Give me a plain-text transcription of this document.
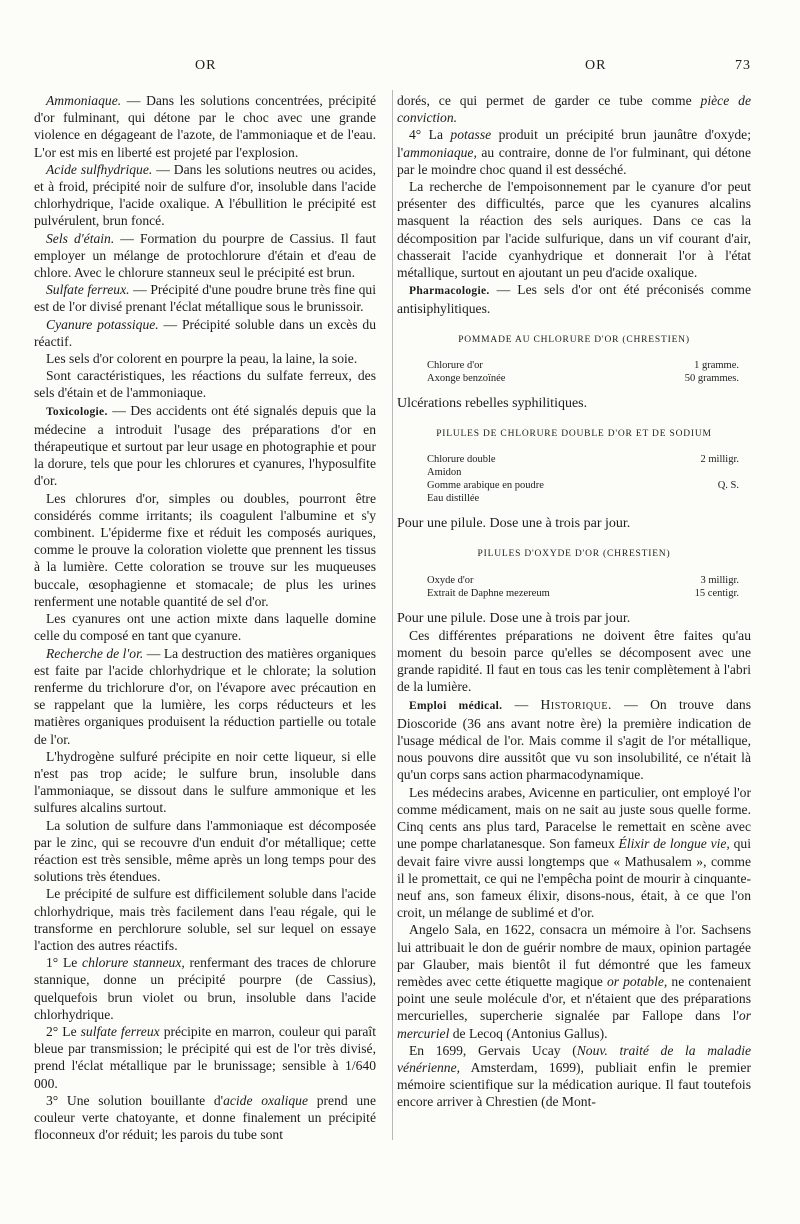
OR	OR	73

Ammoniaque. — Dans les solutions concentrées, précipité d'or fulminant, qui détone par le choc avec une grande violence en dégageant de l'azote, de l'ammoniaque et de l'eau. L'or est mis en liberté est projeté par l'explosion.

Acide sulfhydrique. — Dans les solutions neutres ou acides, et à froid, précipité noir de sulfure d'or, insoluble dans l'acide chlorhydrique, l'acide oxalique. A l'ébullition le précipité est pulvérulent, brun foncé.

Sels d'étain. — Formation du pourpre de Cassius. Il faut employer un mélange de protochlorure d'étain et d'eau de chlore. Avec le chlorure stanneux seul le précipité est brun.

Sulfate ferreux. — Précipité d'une poudre brune très fine qui est de l'or divisé prenant l'éclat métallique sous le brunissoir.

Cyanure potassique. — Précipité soluble dans un excès du réactif.

Les sels d'or colorent en pourpre la peau, la laine, la soie.

Sont caractéristiques, les réactions du sulfate ferreux, des sels d'étain et de l'ammoniaque.

Toxicologie. — Des accidents ont été signalés depuis que la médecine a introduit l'usage des préparations d'or en thérapeutique et surtout par leur usage en photographie et pour la dorure, tels que pour les chlorures et cyanures, l'hyposulfite d'or.

Les chlorures d'or, simples ou doubles, pourront être considérés comme irritants; ils coagulent l'albumine et s'y combinent. L'épiderme fixe et réduit les composés auriques, comme le prouve la coloration violette que prennent les tissus à la lumière. Cette coloration se trouve sur les muqueuses buccale, œsophagienne et stomacale; de plus les urines renferment une notable quantité de sel d'or.

Les cyanures ont une action mixte dans laquelle domine celle du composé en tant que cyanure.

Recherche de l'or. — La destruction des matières organiques est faite par l'acide chlorhydrique et le chlorate; la solution renferme du trichlorure d'or, on l'évapore avec précaution en se rappelant que la lumière, les corps réducteurs et les matières organiques produisent la réduction partielle ou totale de l'or.

L'hydrogène sulfuré précipite en noir cette liqueur, si elle n'est pas trop acide; le sulfure brun, insoluble dans l'ammoniaque, se dissout dans le sulfure ammonique et les sulfures alcalins surtout.

La solution de sulfure dans l'ammoniaque est décomposée par le zinc, qui se recouvre d'un enduit d'or métallique; cette réaction est très sensible, même après un long temps pour des solutions très étendues.

Le précipité de sulfure est difficilement soluble dans l'acide chlorhydrique, mais très facilement dans l'eau régale, qui le transforme en perchlorure soluble, sel sur lequel on essaye l'action des autres réactifs.

1° Le chlorure stanneux, renfermant des traces de chlorure stannique, donne un précipité pourpre (de Cassius), quelquefois brun violet ou brun, insoluble dans l'acide chlorhydrique.

2° Le sulfate ferreux précipite en marron, couleur qui paraît bleue par transmission; le précipité qui est de l'or très divisé, prend l'éclat métallique par le brunissage; sensible à 1/640 000.

3° Une solution bouillante d'acide oxalique prend une couleur verte chatoyante, et donne finalement un précipité floconneux d'or réduit; les parois du tube sont

dorés, ce qui permet de garder ce tube comme pièce de conviction.

4° La potasse produit un précipité brun jaunâtre d'oxyde; l'ammoniaque, au contraire, donne de l'or fulminant, qui détone par le moindre choc quand il est desséché.

La recherche de l'empoisonnement par le cyanure d'or peut présenter des difficultés, parce que les cyanures alcalins masquent la réaction des sels auriques. Dans ce cas la décomposition par l'acide sulfurique, dans un vif courant d'air, chasserait l'acide cyanhydrique et donnerait l'or à l'état métallique, surtout en ajoutant un peu d'acide oxalique.

Pharmacologie. — Les sels d'or ont été préconisés comme antisiphylitiques.

POMMADE AU CHLORURE D'OR (CHRESTIEN)
Chlorure d'or	1 gramme.
Axonge benzoïnée	50 grammes.

Ulcérations rebelles syphilitiques.

PILULES DE CHLORURE DOUBLE D'OR ET DE SODIUM
Chlorure double	2 milligr.
Amidon	
Gomme arabique en poudre	Q. S.
Eau distillée	

Pour une pilule. Dose une à trois par jour.

PILULES D'OXYDE D'OR (CHRESTIEN)
Oxyde d'or	3 milligr.
Extrait de Daphne mezereum	15 centigr.

Pour une pilule. Dose une à trois par jour.

Ces différentes préparations ne doivent être faites qu'au moment du besoin parce qu'elles se décomposent avec une grande rapidité. Il faut en tous cas les tenir complètement à l'abri de la lumière.

Emploi médical. — Historique. — On trouve dans Dioscoride (36 ans avant notre ère) la première indication de l'usage médical de l'or. Mais comme il s'agit de l'or métallique, nous pouvons dire aussitôt que vu son insolubilité, ce n'était là qu'un corps sans action pharmacodynamique.

Les médecins arabes, Avicenne en particulier, ont employé l'or comme médicament, mais on ne sait au juste sous quelle forme. Cinq cents ans plus tard, Paracelse le remettait en scène avec une pompe charlatanesque. Son fameux Élixir de longue vie, qui devait faire vivre aussi longtemps que « Mathusalem », comme il le promettait, ce qui ne l'empêcha point de mourir à cinquante-neuf ans, son fameux élixir, disons-nous, était, à ce que l'on croit, un mélange de sublimé et d'or.

Angelo Sala, en 1622, consacra un mémoire à l'or. Sachsens lui attribuait le don de guérir nombre de maux, opinion partagée par Glauber, mais bientôt il fut démontré que les fameux remèdes avec cette étiquette magique or potable, ne contenaient point une seule molécule d'or, et n'étaient que des préparations mercurielles, supercherie signalée par Fallope dans l'or mercuriel de Lecoq (Antonius Gallus).

En 1699, Gervais Ucay (Nouv. traité de la maladie vénérienne, Amsterdam, 1699), publiait enfin le premier mémoire scientifique sur la médication aurique. Il faut toutefois encore arriver à Chrestien (de Mont-
